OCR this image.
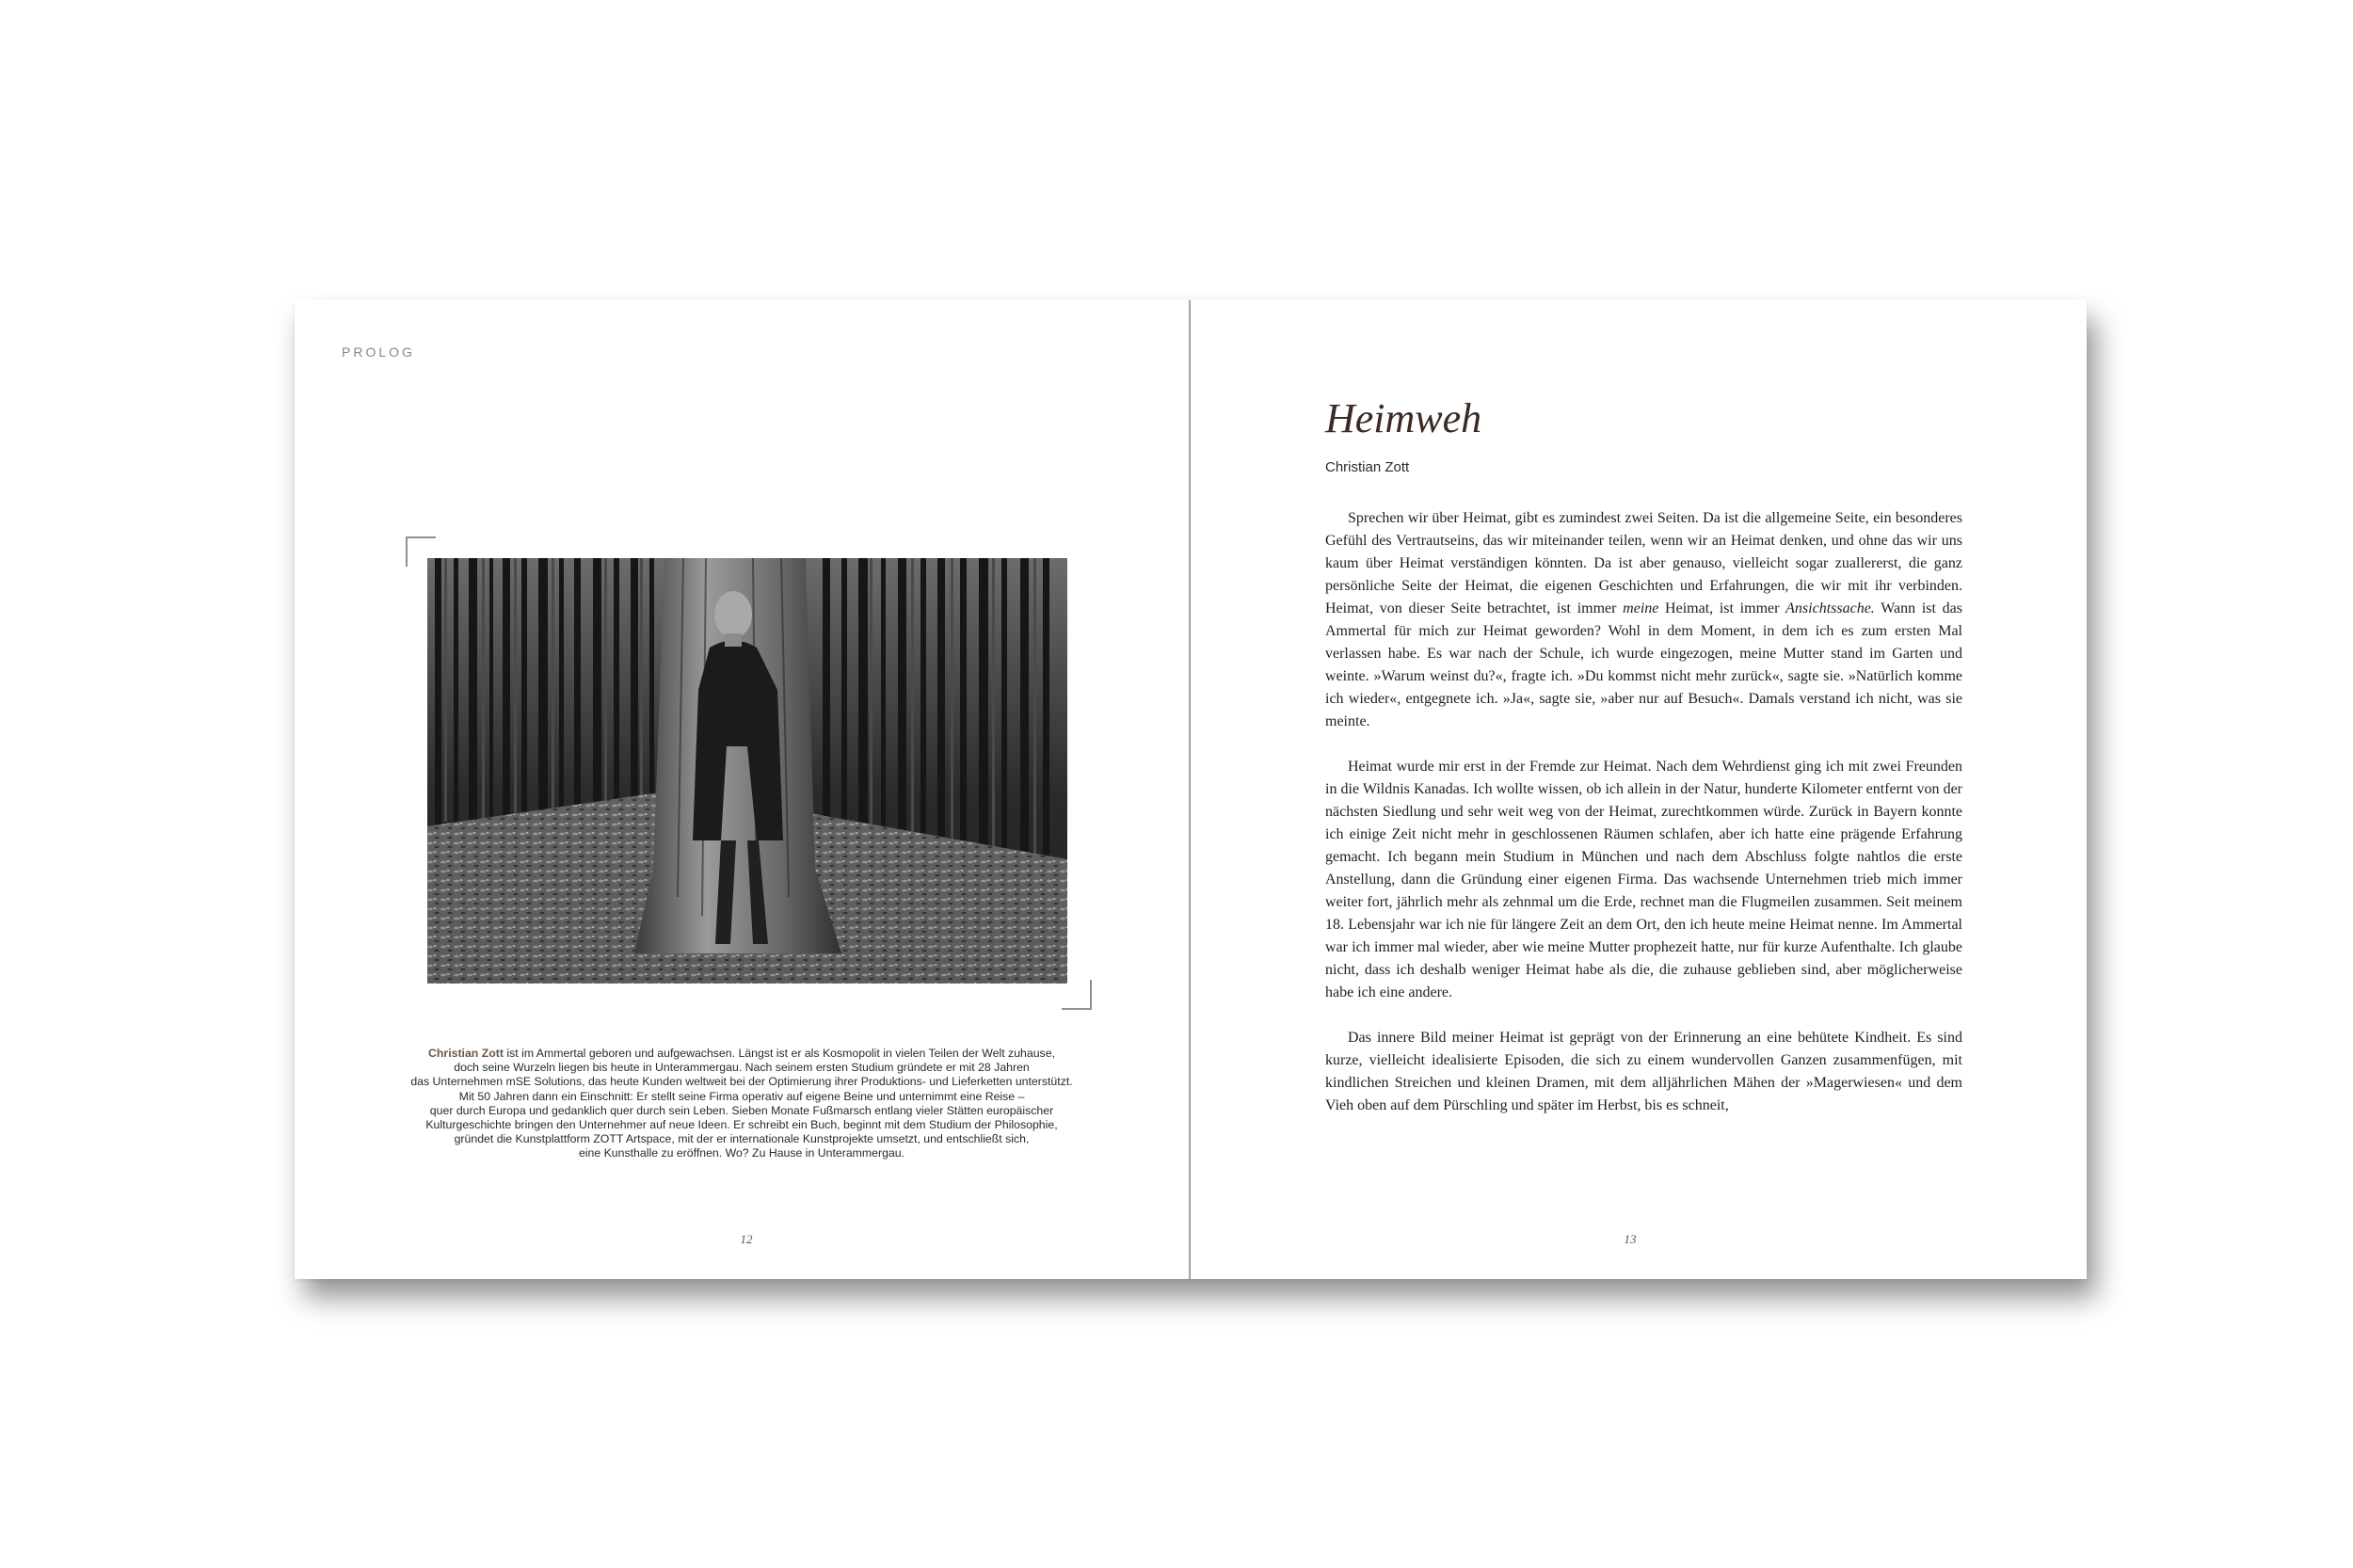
PROLOG

Christian Zott ist im Ammertal geboren und aufgewachsen. Längst ist er als Kosmopolit in vielen Teilen der Welt zuhause,
doch seine Wurzeln liegen bis heute in Unterammergau. Nach seinem ersten Studium gründete er mit 28 Jahren
das Unternehmen mSE Solutions, das heute Kunden weltweit bei der Optimierung ihrer Produktions- und Lieferketten unterstützt.
Mit 50 Jahren dann ein Einschnitt: Er stellt seine Firma operativ auf eigene Beine und unternimmt eine Reise –
quer durch Europa und gedanklich quer durch sein Leben. Sieben Monate Fußmarsch entlang vieler Stätten europäischer
Kulturgeschichte bringen den Unternehmer auf neue Ideen. Er schreibt ein Buch, beginnt mit dem Studium der Philosophie,
gründet die Kunstplattform ZOTT Artspace, mit der er internationale Kunstprojekte umsetzt, und entschließt sich,
eine Kunsthalle zu eröffnen. Wo? Zu Hause in Unterammergau.

12

Heimweh

Christian Zott

Sprechen wir über Heimat, gibt es zumindest zwei Seiten. Da ist die allgemeine Seite, ein besonderes Gefühl des Vertrautseins, das wir miteinander teilen, wenn wir an Heimat denken, und ohne das wir uns kaum über Heimat verständigen könnten. Da ist aber genauso, vielleicht sogar zuallererst, die ganz persönliche Seite der Heimat, die eigenen Geschichten und Erfahrungen, die wir mit ihr verbinden. Heimat, von dieser Seite betrachtet, ist immer meine Heimat, ist immer Ansichtssache. Wann ist das Ammertal für mich zur Heimat geworden? Wohl in dem Moment, in dem ich es zum ersten Mal verlassen habe. Es war nach der Schule, ich wurde eingezogen, meine Mutter stand im Garten und weinte. »Warum weinst du?«, fragte ich. »Du kommst nicht mehr zurück«, sagte sie. »Natürlich komme ich wieder«, entgegnete ich. »Ja«, sagte sie, »aber nur auf Besuch«. Damals verstand ich nicht, was sie meinte.

Heimat wurde mir erst in der Fremde zur Heimat. Nach dem Wehrdienst ging ich mit zwei Freunden in die Wildnis Kanadas. Ich wollte wissen, ob ich allein in der Natur, hunderte Kilometer entfernt von der nächsten Siedlung und sehr weit weg von der Heimat, zurechtkommen würde. Zurück in Bayern konnte ich einige Zeit nicht mehr in geschlossenen Räumen schlafen, aber ich hatte eine prägende Erfahrung gemacht. Ich begann mein Studium in München und nach dem Abschluss folgte nahtlos die erste Anstellung, dann die Gründung einer eigenen Firma. Das wachsende Unternehmen trieb mich immer weiter fort, jährlich mehr als zehnmal um die Erde, rechnet man die Flugmeilen zusammen. Seit meinem 18. Lebensjahr war ich nie für längere Zeit an dem Ort, den ich heute meine Heimat nenne. Im Ammertal war ich immer mal wieder, aber wie meine Mutter prophezeit hatte, nur für kurze Aufenthalte. Ich glaube nicht, dass ich deshalb weniger Heimat habe als die, die zuhause geblieben sind, aber möglicherweise habe ich eine andere.

Das innere Bild meiner Heimat ist geprägt von der Erinnerung an eine behütete Kindheit. Es sind kurze, vielleicht idealisierte Episoden, die sich zu einem wundervollen Ganzen zusammenfügen, mit kindlichen Streichen und kleinen Dramen, mit dem alljährlichen Mähen der »Magerwiesen« und dem Vieh oben auf dem Pürschling und später im Herbst, bis es schneit,

13
